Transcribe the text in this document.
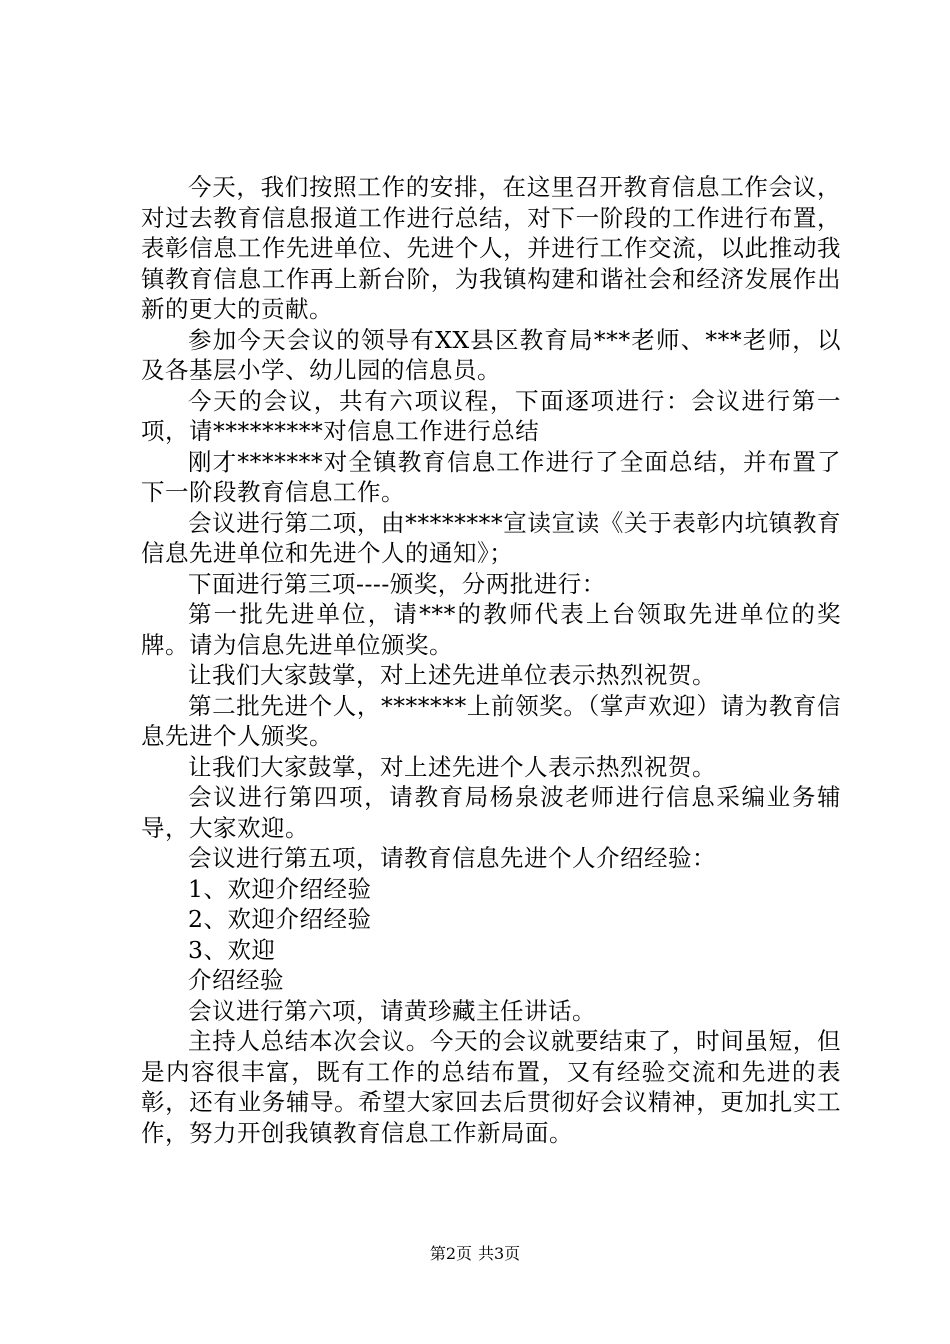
今天，我们按照工作的安排，在这里召开教育信息工作会议，对过去教育信息报道工作进行总结，对下一阶段的工作进行布置，表彰信息工作先进单位、先进个人，并进行工作交流，以此推动我镇教育信息工作再上新台阶，为我镇构建和谐社会和经济发展作出新的更大的贡献。

参加今天会议的领导有XX县区教育局***老师、***老师，以及各基层小学、幼儿园的信息员。

今天的会议，共有六项议程，下面逐项进行：会议进行第一项，请*********对信息工作进行总结

刚才*******对全镇教育信息工作进行了全面总结，并布置了下一阶段教育信息工作。

会议进行第二项，由********宣读宣读《关于表彰内坑镇教育信息先进单位和先进个人的通知》；

下面进行第三项----颁奖，分两批进行：

第一批先进单位，请***的教师代表上台领取先进单位的奖牌。请为信息先进单位颁奖。

让我们大家鼓掌，对上述先进单位表示热烈祝贺。

第二批先进个人，*******上前领奖。（掌声欢迎）请为教育信息先进个人颁奖。

让我们大家鼓掌，对上述先进个人表示热烈祝贺。

会议进行第四项，请教育局杨泉波老师进行信息采编业务辅导，大家欢迎。

会议进行第五项，请教育信息先进个人介绍经验：

1、欢迎介绍经验

2、欢迎介绍经验

3、欢迎

介绍经验

会议进行第六项，请黄珍藏主任讲话。

主持人总结本次会议。今天的会议就要结束了，时间虽短，但是内容很丰富，既有工作的总结布置，又有经验交流和先进的表彰，还有业务辅导。希望大家回去后贯彻好会议精神，更加扎实工作，努力开创我镇教育信息工作新局面。

第2页 共3页
